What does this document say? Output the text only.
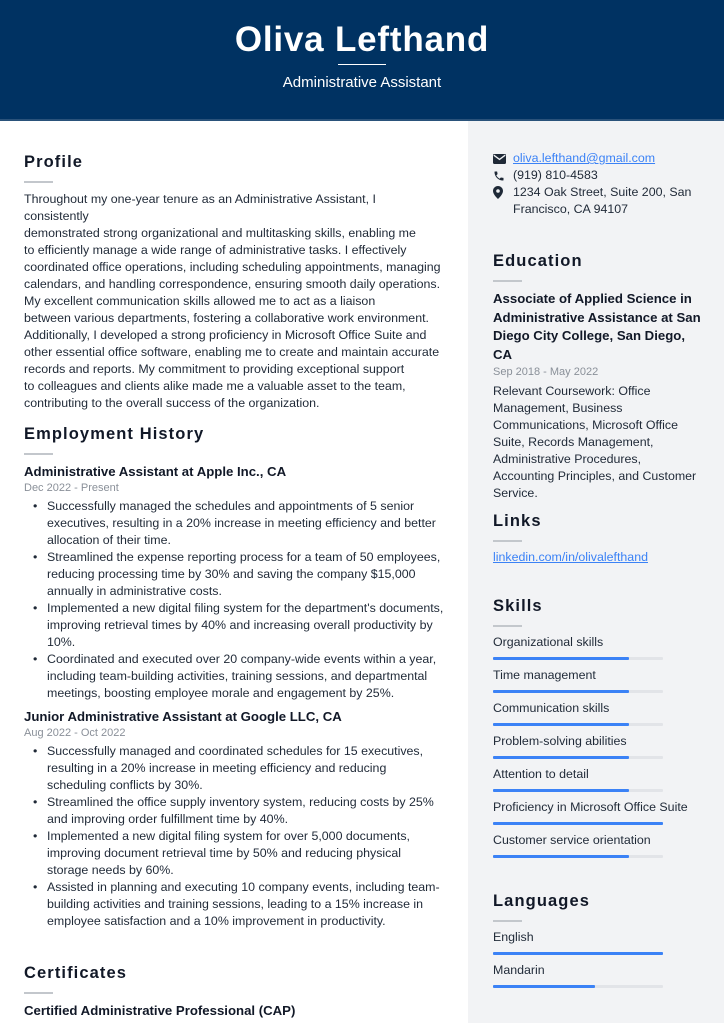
Oliva Lefthand
Administrative Assistant
Profile
Throughout my one-year tenure as an Administrative Assistant, I consistently
demonstrated strong organizational and multitasking skills, enabling me
to efficiently manage a wide range of administrative tasks. I effectively
coordinated office operations, including scheduling appointments, managing
calendars, and handling correspondence, ensuring smooth daily operations.
My excellent communication skills allowed me to act as a liaison
between various departments, fostering a collaborative work environment.
Additionally, I developed a strong proficiency in Microsoft Office Suite and
other essential office software, enabling me to create and maintain accurate
records and reports. My commitment to providing exceptional support
to colleagues and clients alike made me a valuable asset to the team,
contributing to the overall success of the organization.
Employment History
Administrative Assistant at Apple Inc., CA
Dec 2022 - Present
• Successfully managed the schedules and appointments of 5 senior executives, resulting in a 20% increase in meeting efficiency and better allocation of their time.
• Streamlined the expense reporting process for a team of 50 employees, reducing processing time by 30% and saving the company $15,000 annually in administrative costs.
• Implemented a new digital filing system for the department's documents, improving retrieval times by 40% and increasing overall productivity by 10%.
• Coordinated and executed over 20 company-wide events within a year, including team-building activities, training sessions, and departmental meetings, boosting employee morale and engagement by 25%.
Junior Administrative Assistant at Google LLC, CA
Aug 2022 - Oct 2022
• Successfully managed and coordinated schedules for 15 executives, resulting in a 20% increase in meeting efficiency and reducing scheduling conflicts by 30%.
• Streamlined the office supply inventory system, reducing costs by 25% and improving order fulfillment time by 40%.
• Implemented a new digital filing system for over 5,000 documents, improving document retrieval time by 50% and reducing physical storage needs by 60%.
• Assisted in planning and executing 10 company events, including team-building activities and training sessions, leading to a 15% increase in employee satisfaction and a 10% improvement in productivity.
Certificates
Certified Administrative Professional (CAP)
oliva.lefthand@gmail.com
(919) 810-4583
1234 Oak Street, Suite 200, San Francisco, CA 94107
Education
Associate of Applied Science in Administrative Assistance at San Diego City College, San Diego, CA
Sep 2018 - May 2022
Relevant Coursework: Office Management, Business Communications, Microsoft Office Suite, Records Management, Administrative Procedures, Accounting Principles, and Customer Service.
Links
linkedin.com/in/olivalefthand
Skills
Organizational skills
Time management
Communication skills
Problem-solving abilities
Attention to detail
Proficiency in Microsoft Office Suite
Customer service orientation
Languages
English
Mandarin
